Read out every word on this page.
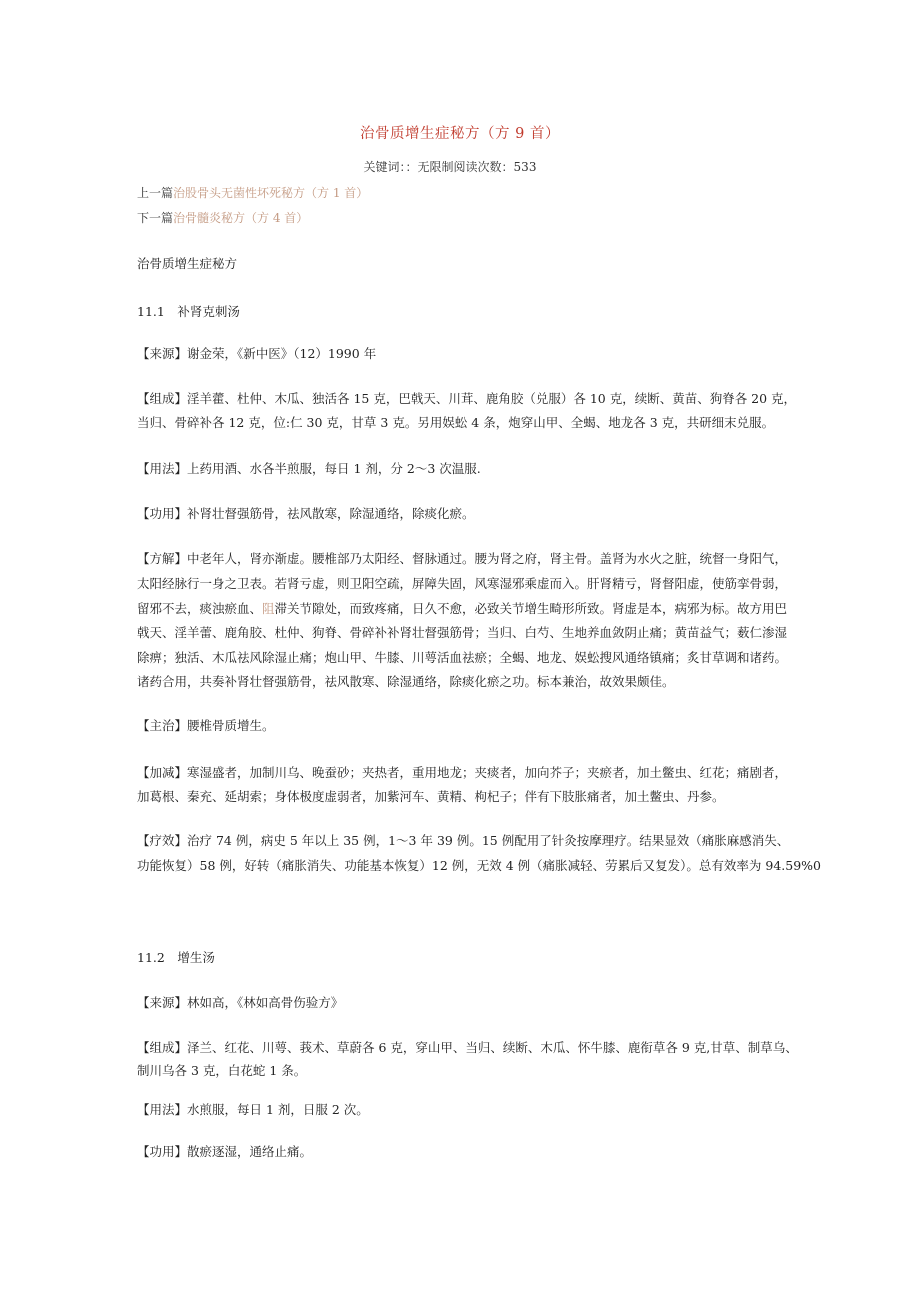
治骨质增生症秘方（方 9 首）
关键词：：无限制阅读次数：533
上一篇治股骨头无菌性坏死秘方（方 1 首）
下一篇治骨髓炎秘方（方 4 首）
治骨质增生症秘方
11.1　补肾克刺汤
【来源】谢金荣，《新中医》（12）1990 年
【组成】淫羊藿、杜仲、木瓜、独活各 15 克，巴戟天、川茸、鹿角胶（兑服）各 10 克，续断、黄苗、狗脊各 20 克，
当归、骨碎补各 12 克，位:仁 30 克，甘草 3 克。另用娱蚣 4 条，炮穿山甲、全蝎、地龙各 3 克，共研细末兑服。
【用法】上药用酒、水各半煎服，每日 1 剂，分 2～3 次温服.
【功用】补肾壮督强筋骨，祛风散寒，除湿通络，除痰化瘀。
【方解】中老年人，肾亦渐虚。腰椎部乃太阳经、督脉通过。腰为肾之府，肾主骨。盖肾为水火之脏，统督一身阳气，
太阳经脉行一身之卫表。若肾亏虚，则卫阳空疏，屏障失固，风寒湿邪乘虚而入。肝肾精亏，肾督阳虚，使筋挛骨弱，
留邪不去，痰浊瘀血、阻滞关节隙处，而致疼痛，日久不愈，必致关节增生畸形所致。肾虚是本，病邪为标。故方用巴
戟天、淫羊蕾、鹿角胶、杜仲、狗脊、骨碎补补肾壮督强筋骨；当归、白芍、生地养血敛阴止痛；黄苗益气；薮仁渗湿
除痹；独活、木瓜祛风除湿止痛；炮山甲、牛膝、川萼活血祛瘀；全蝎、地龙、娱蚣搜风通络镇痛；炙甘草调和诸药。
诸药合用，共奏补肾壮督强筋骨，祛风散寒、除湿通络，除痰化瘀之功。标本兼治，故效果颇佳。
【主治】腰椎骨质增生。
【加减】寒湿盛者，加制川乌、晚蚕砂；夹热者，重用地龙；夹痰者，加向芥子；夹瘀者，加土鳖虫、红花；痛剧者，
加葛根、秦充、延胡索；身体极度虚弱者，加紫河车、黄精、枸杞子；伴有下肢胀痛者，加土鳖虫、丹参。
【疗效】治疗 74 例，病史 5 年以上 35 例，1～3 年 39 例。15 例配用了针灸按摩理疗。结果显效（痛胀麻感消失、
功能恢复）58 例，好转（痛胀消失、功能基本恢复）12 例，无效 4 例（痛胀减轻、劳累后又复发）。总有效率为 94.59%0
11.2　增生汤
【来源】林如高，《林如高骨伤验方》
【组成】泽兰、红花、川萼、莪术、草蔚各 6 克，穿山甲、当归、续断、木瓜、怀牛膝、鹿衔草各 9 克,甘草、制草乌、
制川乌各 3 克，白花蛇 1 条。
【用法】水煎服，每日 1 剂，日服 2 次。
【功用】散瘀逐湿，通络止痛。
